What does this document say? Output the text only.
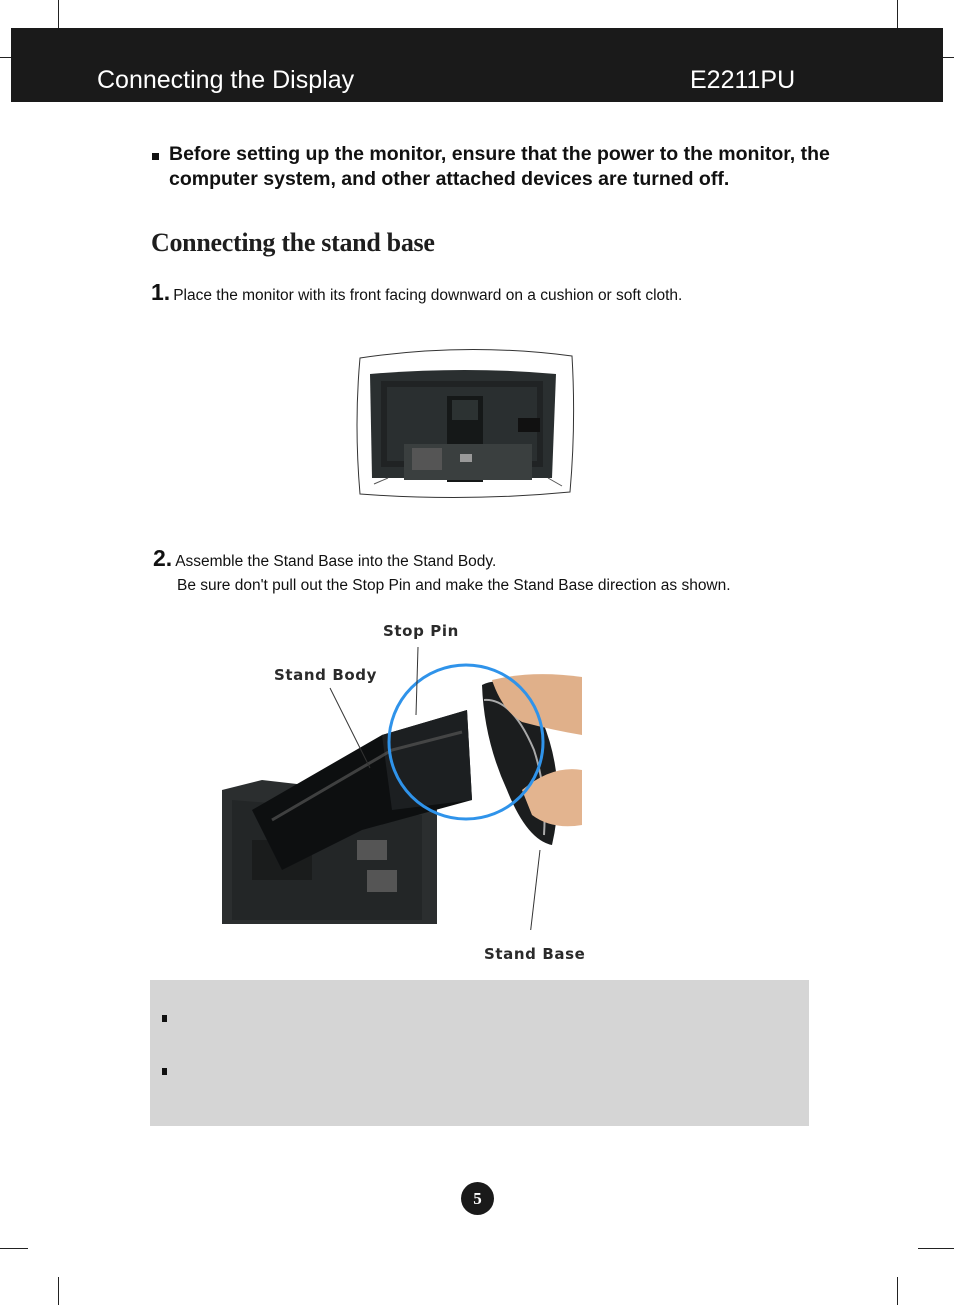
Connecting the Display	E2211PU
Before setting up the monitor, ensure that the power to the monitor, the computer system, and other attached devices are turned off.
Connecting the stand base
1. Place the monitor with its front facing downward on a cushion or soft cloth.
2. Assemble the Stand Base into the Stand Body.
Be sure don't pull out the Stop Pin and make the Stand Base direction as shown.
Stop Pin
Stand Body
Stand Base
5
